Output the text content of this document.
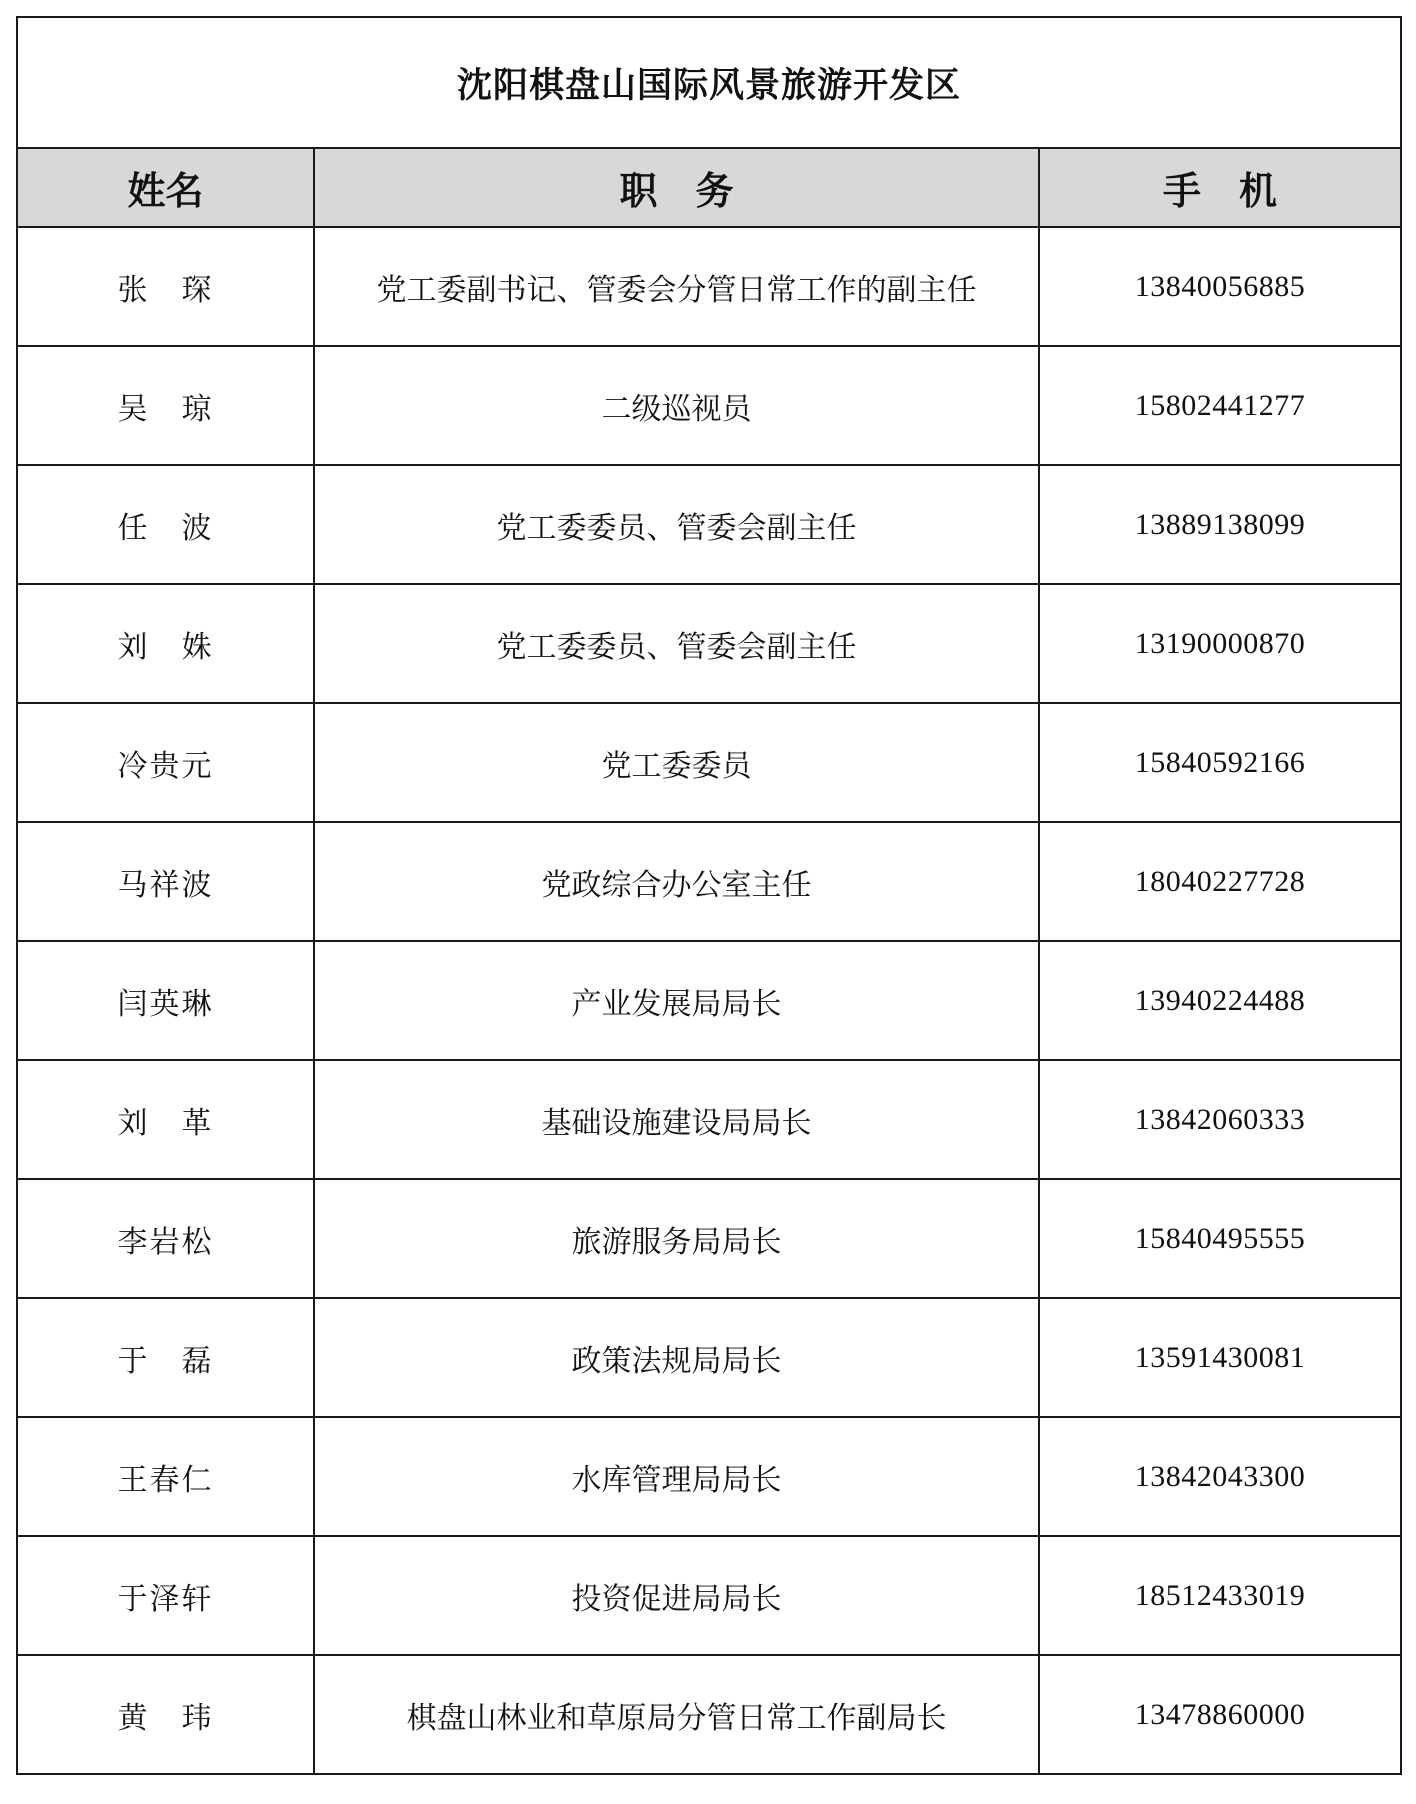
沈阳棋盘山国际风景旅游开发区		
姓名	职　务	手　机
张　琛	党工委副书记、管委会分管日常工作的副主任	13840056885
吴　琼	二级巡视员	15802441277
任　波	党工委委员、管委会副主任	13889138099
刘　姝	党工委委员、管委会副主任	13190000870
冷贵元	党工委委员	15840592166
马祥波	党政综合办公室主任	18040227728
闫英琳	产业发展局局长	13940224488
刘　革	基础设施建设局局长	13842060333
李岩松	旅游服务局局长	15840495555
于　磊	政策法规局局长	13591430081
王春仁	水库管理局局长	13842043300
于泽轩	投资促进局局长	18512433019
黄　玮	棋盘山林业和草原局分管日常工作副局长	13478860000
